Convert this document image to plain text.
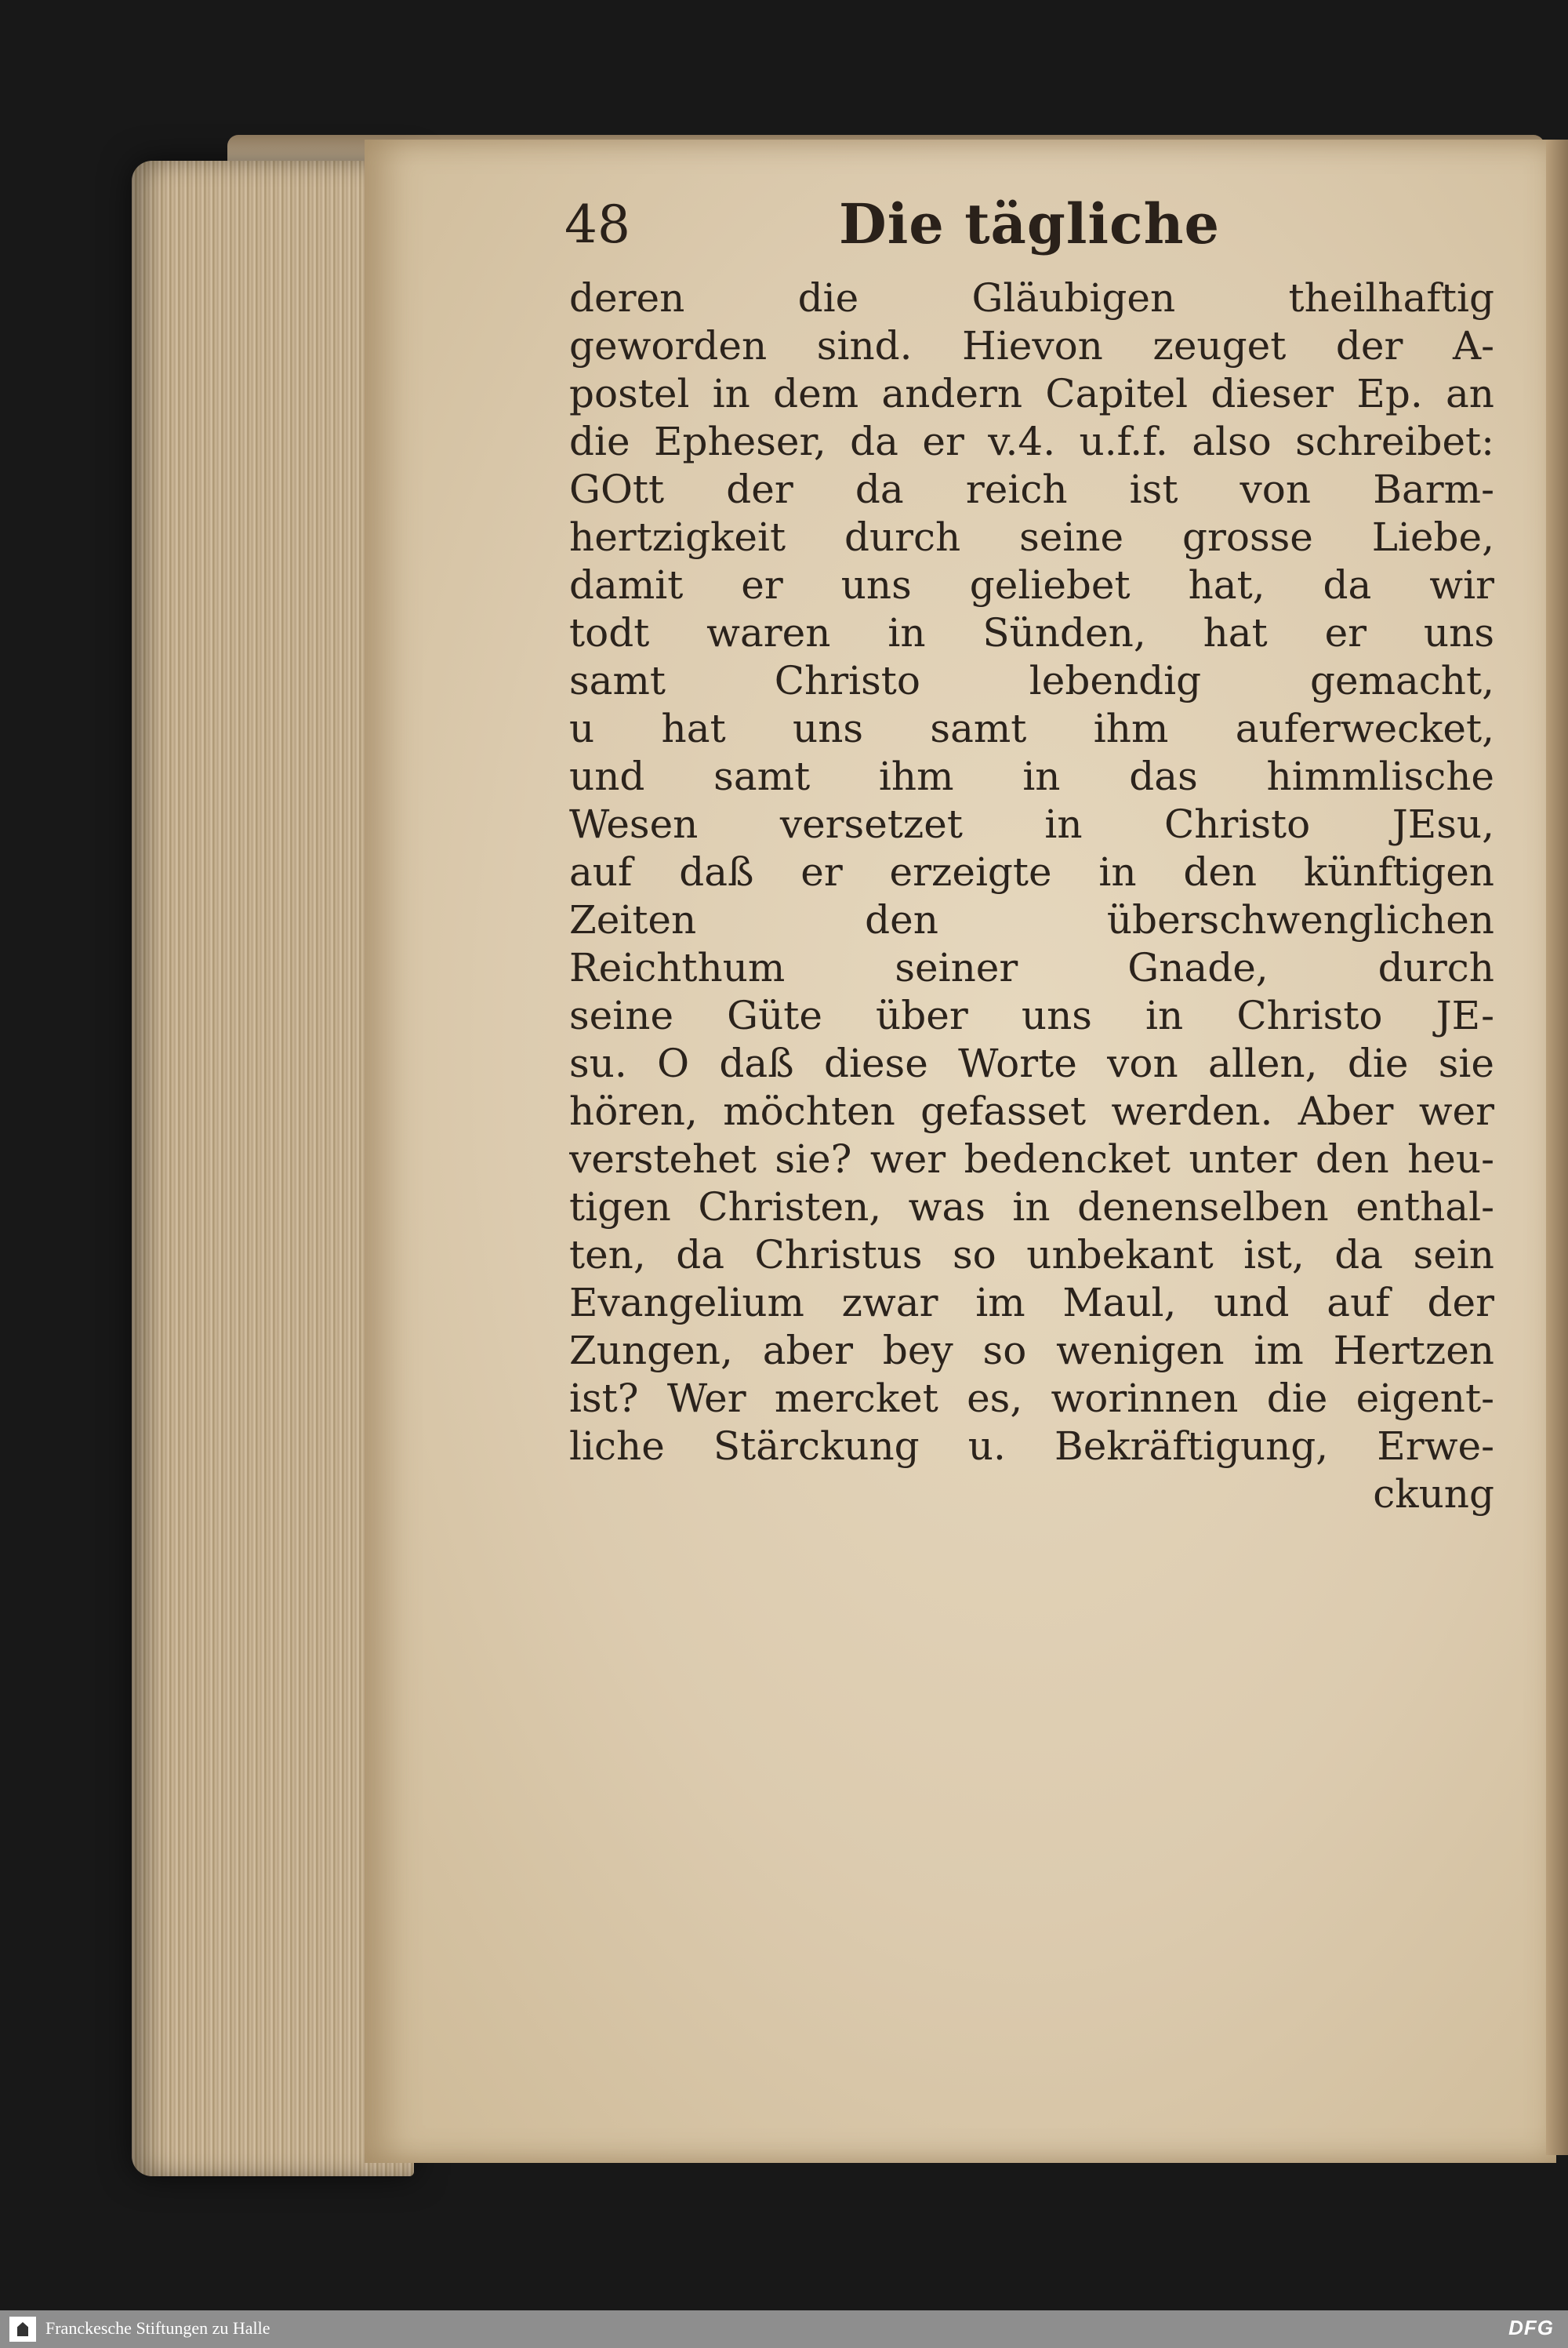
48	Die tägliche
deren die Gläubigen theilhaftig
geworden sind. Hievon zeuget der A-
postel in dem andern Capitel dieser Ep. an
die Epheser, da er v.4. u.f.f. also schreibet:
GOtt der da reich ist von Barm-
hertzigkeit durch seine grosse Liebe,
damit er uns geliebet hat, da wir
todt waren in Sünden, hat er uns
samt Christo lebendig gemacht,
u hat uns samt ihm auferwecket,
und samt ihm in das himmlische
Wesen versetzet in Christo JEsu,
auf daß er erzeigte in den künftigen
Zeiten den überschwenglichen
Reichthum seiner Gnade, durch
seine Güte über uns in Christo JE-
su. O daß diese Worte von allen, die sie
hören, möchten gefasset werden. Aber wer
verstehet sie? wer bedencket unter den heu-
tigen Christen, was in denenselben enthal-
ten, da Christus so unbekant ist, da sein
Evangelium zwar im Maul, und auf der
Zungen, aber bey so wenigen im Hertzen
ist? Wer mercket es, worinnen die eigent-
liche Stärckung u. Bekräftigung, Erwe-
ckung
Franckesche Stiftungen zu Halle	DFG
